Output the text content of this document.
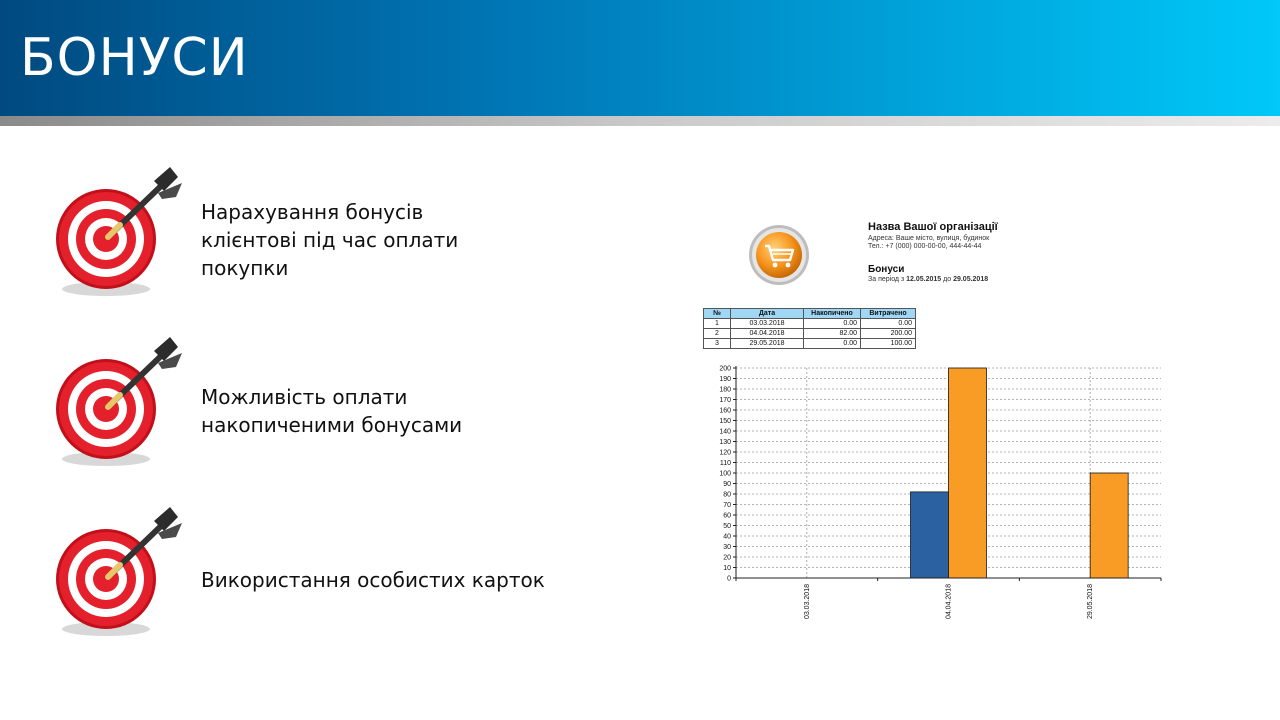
БОНУСИ
Нарахування бонусів
клієнтові під час оплати
покупки
Можливість оплати
накопиченими бонусами
Використання особистих карток
Назва Вашої організації
Адреса: Ваше місто, вулиця, будинок
Тел.: +7 (000) 000-00-00, 444-44-44
Бонуси
За період з 12.05.2015 до 29.05.2018
№	Дата	Накопичено	Витрачено
1	03.03.2018	0.00	0.00
2	04.04.2018	82.00	200.00
3	29.05.2018	0.00	100.00
0
10
20
30
40
50
60
70
80
90
100
110
120
130
140
150
160
170
180
190
200
03.03.2018	04.04.2018	29.05.2018
